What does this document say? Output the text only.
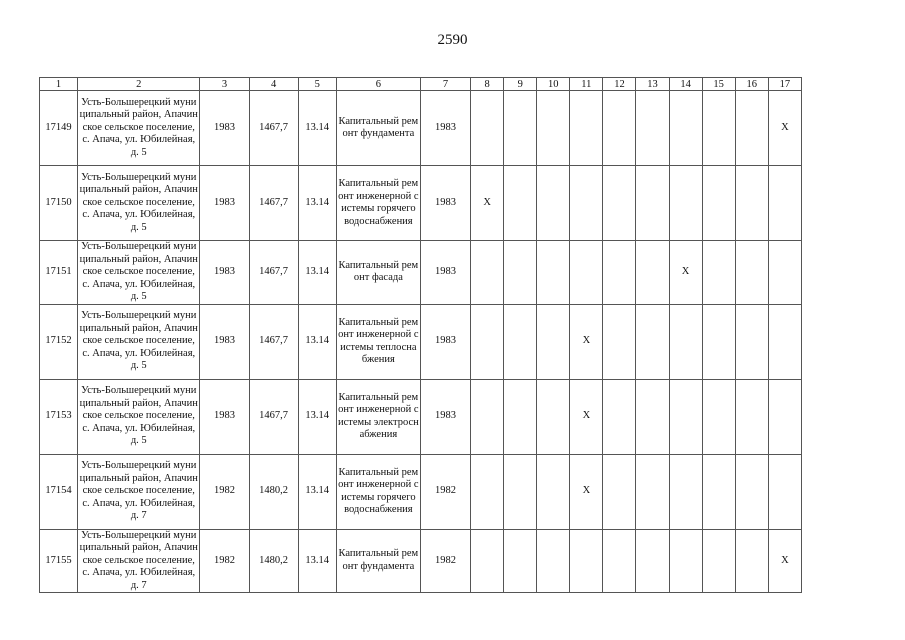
2590
1	2	3	4	5	6	7	8	9	10	11	12	13	14	15	16	17
17149	Усть-Большерецкий муниципальный район, Апачинское сельское поселение, с. Апача, ул. Юбилейная,д. 5	1983	1467,7	13.14	Капитальный ремонт фундамента	1983										X
17150	Усть-Большерецкий муниципальный район, Апачинское сельское поселение, с. Апача, ул. Юбилейная,д. 5	1983	1467,7	13.14	Капитальный ремонт инженерной системы горячего водоснабжения	1983	X									
17151	Усть-Большерецкий муниципальный район, Апачинское сельское поселение, с. Апача, ул. Юбилейная,д. 5	1983	1467,7	13.14	Капитальный ремонт фасада	1983							X			
17152	Усть-Большерецкий муниципальный район, Апачинское сельское поселение, с. Апача, ул. Юбилейная,д. 5	1983	1467,7	13.14	Капитальный ремонт инженерной системы теплоснабжения	1983				X						
17153	Усть-Большерецкий муниципальный район, Апачинское сельское поселение, с. Апача, ул. Юбилейная,д. 5	1983	1467,7	13.14	Капитальный ремонт инженерной системы электроснабжения	1983				X						
17154	Усть-Большерецкий муниципальный район, Апачинское сельское поселение, с. Апача, ул. Юбилейная,д. 7	1982	1480,2	13.14	Капитальный ремонт инженерной системы горячего водоснабжения	1982				X						
17155	Усть-Большерецкий муниципальный район, Апачинское сельское поселение, с. Апача, ул. Юбилейная,д. 7	1982	1480,2	13.14	Капитальный ремонт фундамента	1982										X
